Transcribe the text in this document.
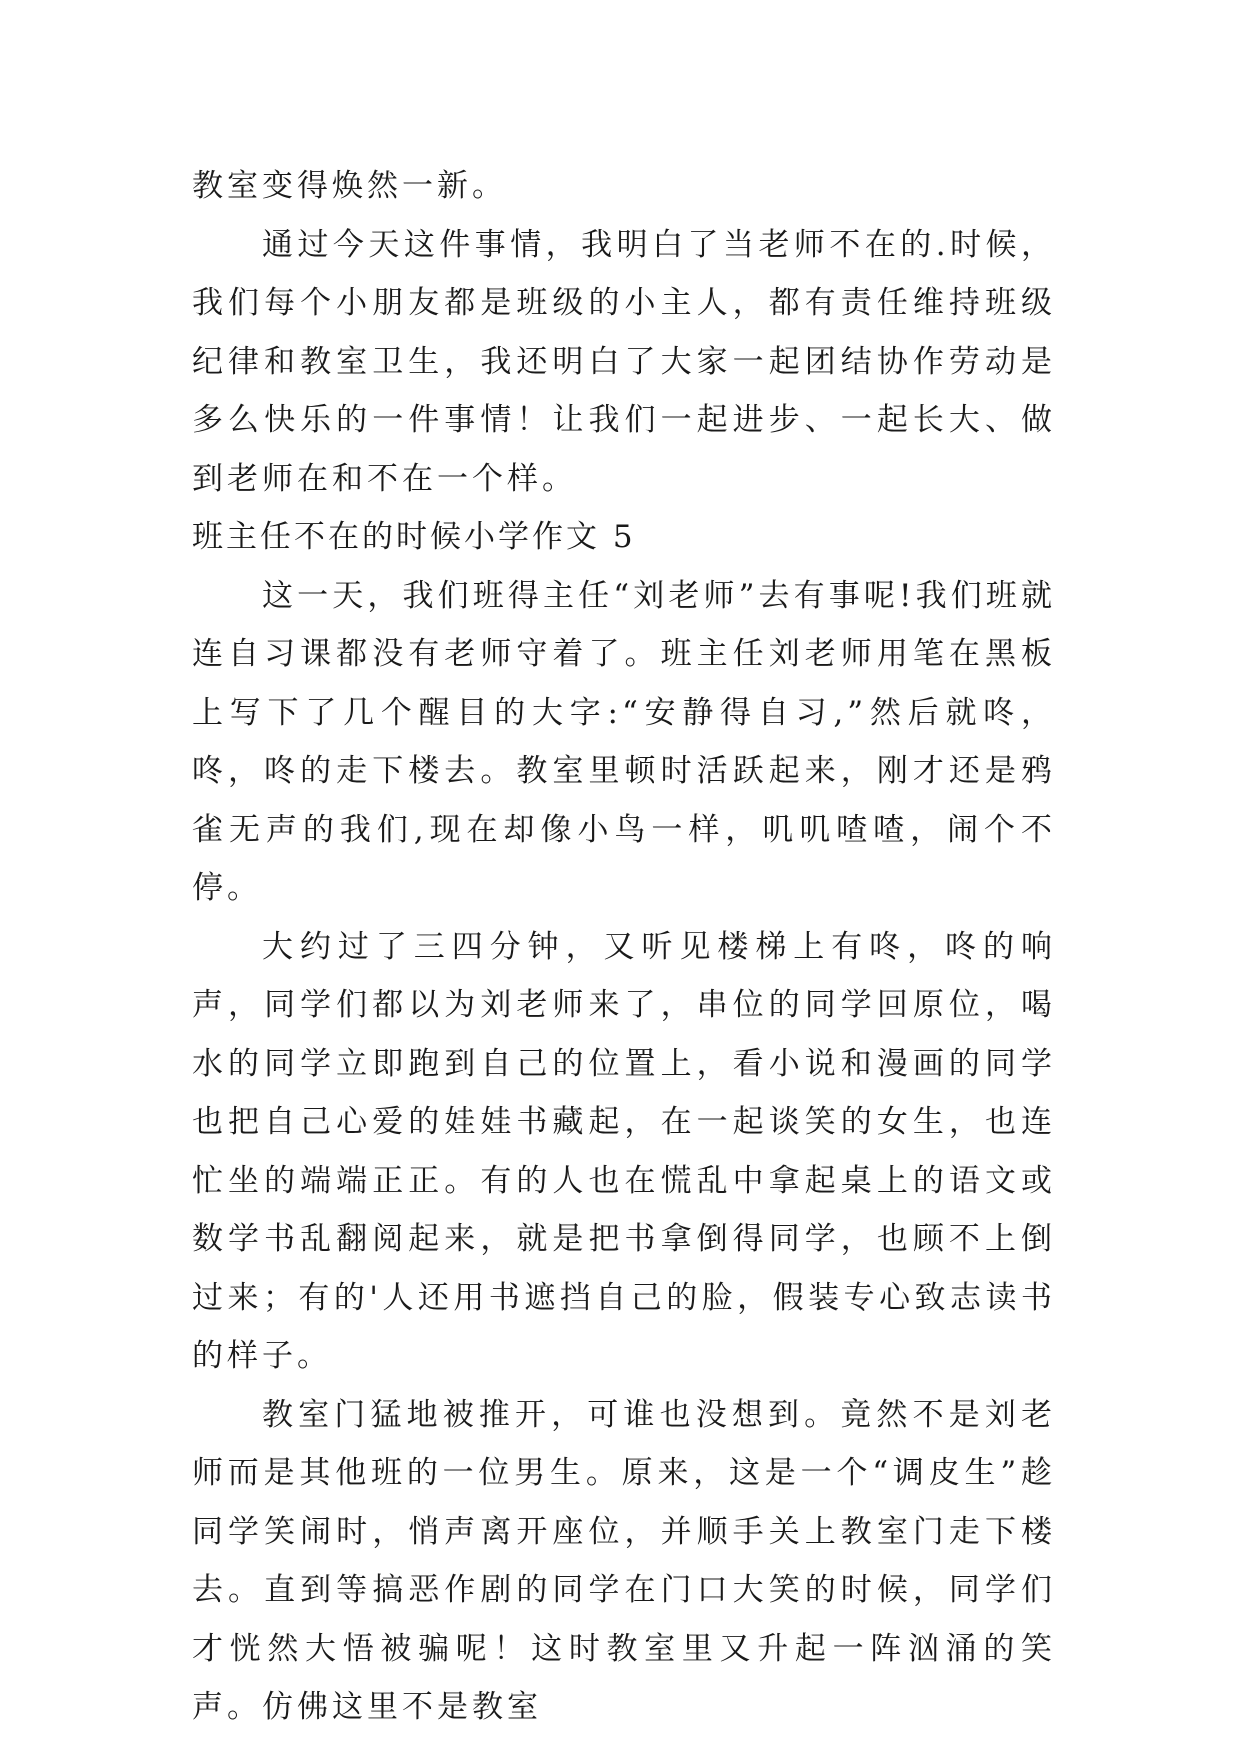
教室变得焕然一新。

通过今天这件事情，我明白了当老师不在的.时候，我们每个小朋友都是班级的小主人，都有责任维持班级纪律和教室卫生，我还明白了大家一起团结协作劳动是多么快乐的一件事情！让我们一起进步、一起长大、做到老师在和不在一个样。

班主任不在的时候小学作文 5

这一天，我们班得主任“刘老师”去有事呢!我们班就连自习课都没有老师守着了。班主任刘老师用笔在黑板上写下了几个醒目的大字:“安静得自习,”然后就咚，咚，咚的走下楼去。教室里顿时活跃起来，刚才还是鸦雀无声的我们,现在却像小鸟一样，叽叽喳喳，闹个不停。

大约过了三四分钟，又听见楼梯上有咚，咚的响声，同学们都以为刘老师来了，串位的同学回原位，喝水的同学立即跑到自己的位置上，看小说和漫画的同学也把自己心爱的娃娃书藏起，在一起谈笑的女生，也连忙坐的端端正正。有的人也在慌乱中拿起桌上的语文或数学书乱翻阅起来，就是把书拿倒得同学，也顾不上倒过来；有的'人还用书遮挡自己的脸，假装专心致志读书的样子。

教室门猛地被推开，可谁也没想到。竟然不是刘老师而是其他班的一位男生。原来，这是一个“调皮生”趁同学笑闹时，悄声离开座位，并顺手关上教室门走下楼去。直到等搞恶作剧的同学在门口大笑的时候，同学们才恍然大悟被骗呢！这时教室里又升起一阵汹涌的笑声。仿佛这里不是教室
